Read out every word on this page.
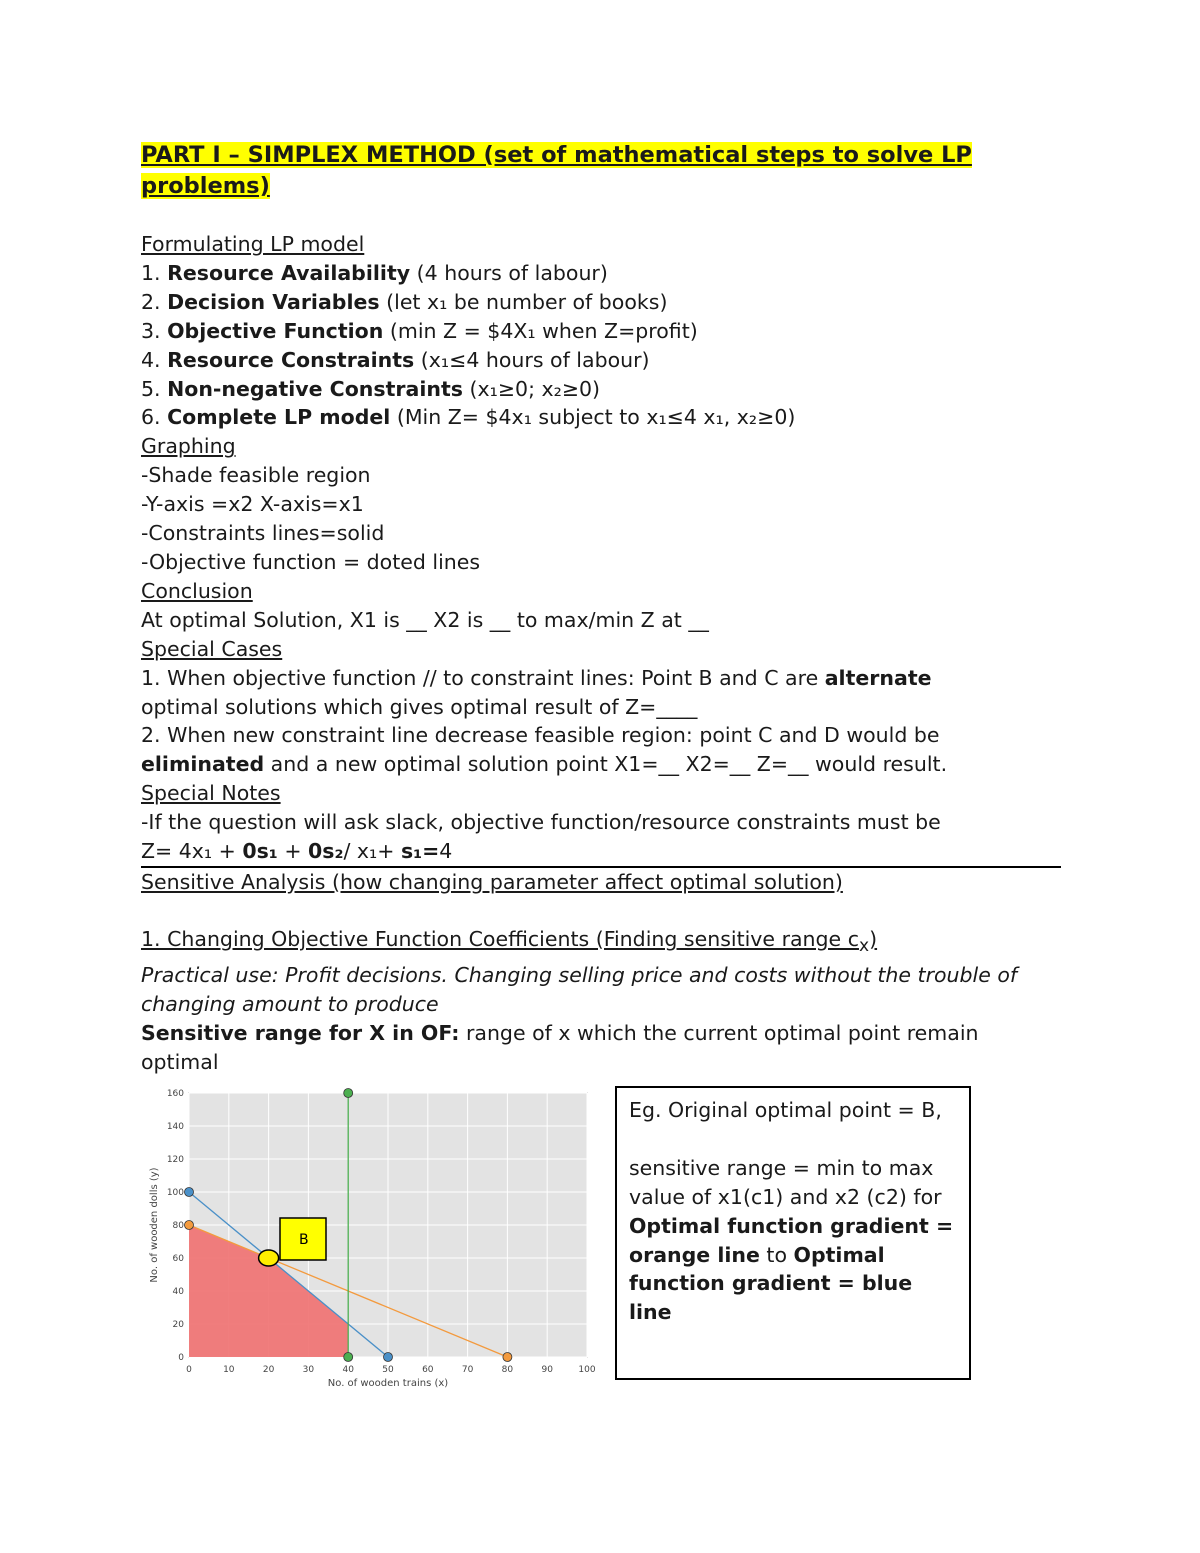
PART I – SIMPLEX METHOD (set of mathematical steps to solve LP problems)
Formulating LP model
1. Resource Availability (4 hours of labour)
2. Decision Variables (let x₁ be number of books)
3. Objective Function (min Z = $4X₁ when Z=profit)
4. Resource Constraints (x₁≤4 hours of labour)
5. Non-negative Constraints (x₁≥0; x₂≥0)
6. Complete LP model (Min Z= $4x₁ subject to x₁≤4 x₁, x₂≥0)
Graphing
-Shade feasible region
-Y-axis =x2 X-axis=x1
-Constraints lines=solid
-Objective function = doted lines
Conclusion
At optimal Solution, X1 is __ X2 is __ to max/min Z at __
Special Cases
1. When objective function // to constraint lines: Point B and C are alternate
optimal solutions which gives optimal result of Z=____
2. When new constraint line decrease feasible region: point C and D would be
eliminated and a new optimal solution point X1=__ X2=__ Z=__ would result.
Special Notes
-If the question will ask slack, objective function/resource constraints must be
Z= 4x₁ + 0s₁ + 0s₂/ x₁+ s₁=4
Sensitive Analysis (how changing parameter affect optimal solution)
1. Changing Objective Function Coefficients (Finding sensitive range $c_x$)
Practical use: Profit decisions. Changing selling price and costs without the trouble of changing amount to produce
Sensitive range for X in OF: range of x which the current optimal point remain optimal
0	10	20	30	40	50	60	70	80	90	100
0
20
40
60
80
100
120
140
160
B
No. of wooden trains (x)
No. of wooden dolls (y)

Eg. Original optimal point = B,

sensitive range = min to max value of x1(c1) and x2 (c2) for Optimal function gradient = orange line to Optimal function gradient = blue line
